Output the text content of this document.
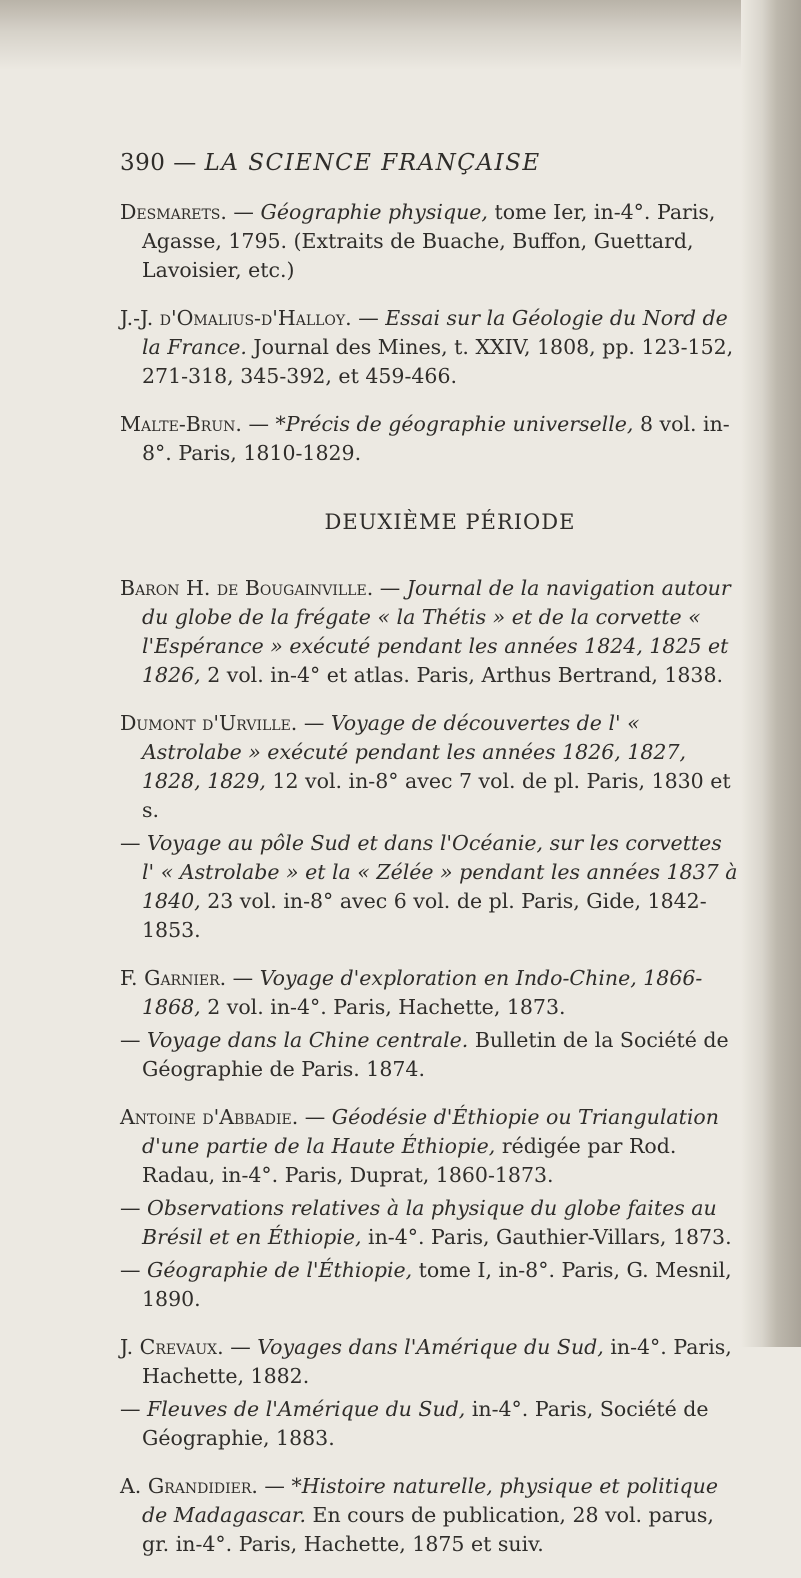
390 — LA SCIENCE FRANÇAISE

Desmarets. — Géographie physique, tome Ier, in-4°. Paris, Agasse, 1795. (Extraits de Buache, Buffon, Guettard, Lavoisier, etc.)

J.-J. d'Omalius-d'Halloy. — Essai sur la Géologie du Nord de la France. Journal des Mines, t. XXIV, 1808, pp. 123-152, 271-318, 345-392, et 459-466.

Malte-Brun. — *Précis de géographie universelle, 8 vol. in-8°. Paris, 1810-1829.

DEUXIÈME PÉRIODE

Baron H. de Bougainville. — Journal de la navigation autour du globe de la frégate « la Thétis » et de la corvette « l'Espérance » exécuté pendant les années 1824, 1825 et 1826, 2 vol. in-4° et atlas. Paris, Arthus Bertrand, 1838.

Dumont d'Urville. — Voyage de découvertes de l' « Astrolabe » exécuté pendant les années 1826, 1827, 1828, 1829, 12 vol. in-8° avec 7 vol. de pl. Paris, 1830 et s.

— Voyage au pôle Sud et dans l'Océanie, sur les corvettes l' « Astrolabe » et la « Zélée » pendant les années 1837 à 1840, 23 vol. in-8° avec 6 vol. de pl. Paris, Gide, 1842-1853.

F. Garnier. — Voyage d'exploration en Indo-Chine, 1866-1868, 2 vol. in-4°. Paris, Hachette, 1873.

— Voyage dans la Chine centrale. Bulletin de la Société de Géographie de Paris. 1874.

Antoine d'Abbadie. — Géodésie d'Éthiopie ou Triangulation d'une partie de la Haute Éthiopie, rédigée par Rod. Radau, in-4°. Paris, Duprat, 1860-1873.

— Observations relatives à la physique du globe faites au Brésil et en Éthiopie, in-4°. Paris, Gauthier-Villars, 1873.

— Géographie de l'Éthiopie, tome I, in-8°. Paris, G. Mesnil, 1890.

J. Crevaux. — Voyages dans l'Amérique du Sud, in-4°. Paris, Hachette, 1882.

— Fleuves de l'Amérique du Sud, in-4°. Paris, Société de Géographie, 1883.

A. Grandidier. — *Histoire naturelle, physique et politique de Madagascar. En cours de publication, 28 vol. parus, gr. in-4°. Paris, Hachette, 1875 et suiv.
